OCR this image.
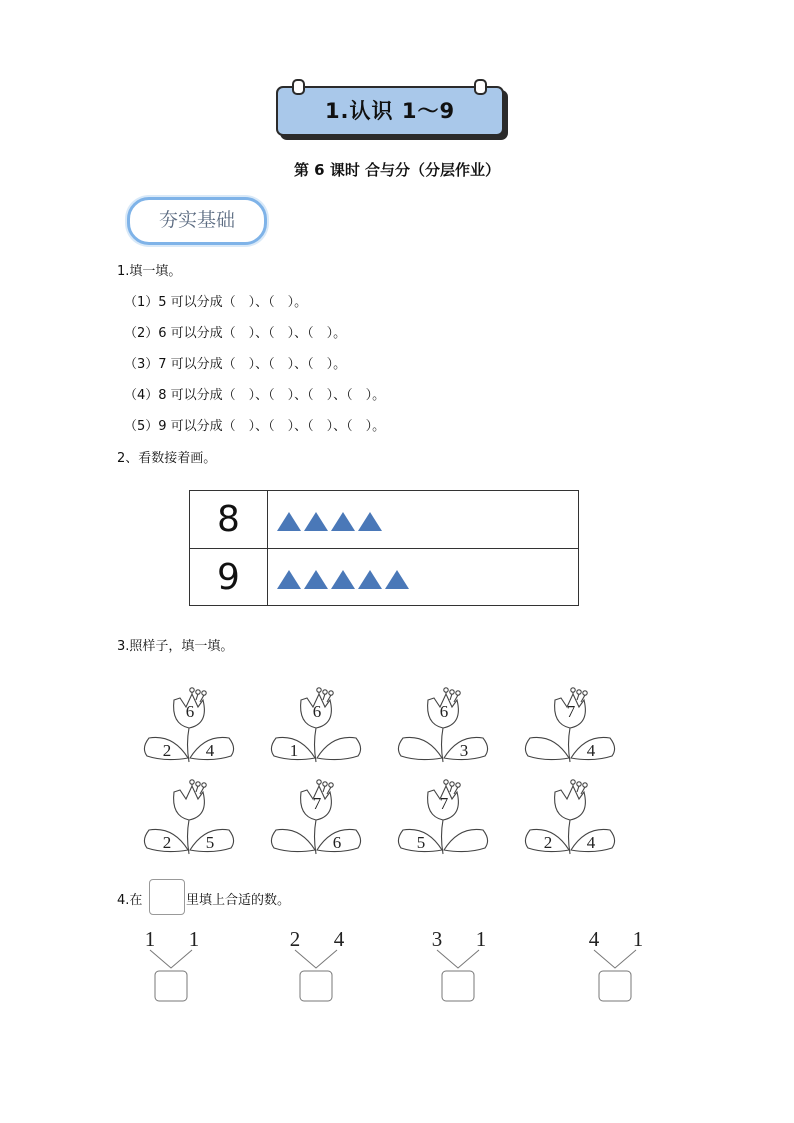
1.认识 1～9
第 6 课时 合与分（分层作业）
夯实基础
1.填一填。
（1）5 可以分成（　）、（　）。
（2）6 可以分成（　）、（　）、（　）。
（3）7 可以分成（　）、（　）、（　）。
（4）8 可以分成（　）、（　）、（　）、（　）。
（5）9 可以分成（　）、（　）、（　）、（　）。
2、看数接着画。
8
9
3.照样子，填一填。
6
2 4
6
1
6
3
7
4
2 5
7
6
7
5	2 4
4.在	里填上合适的数。
1 1	2 4	3 1	4 1
